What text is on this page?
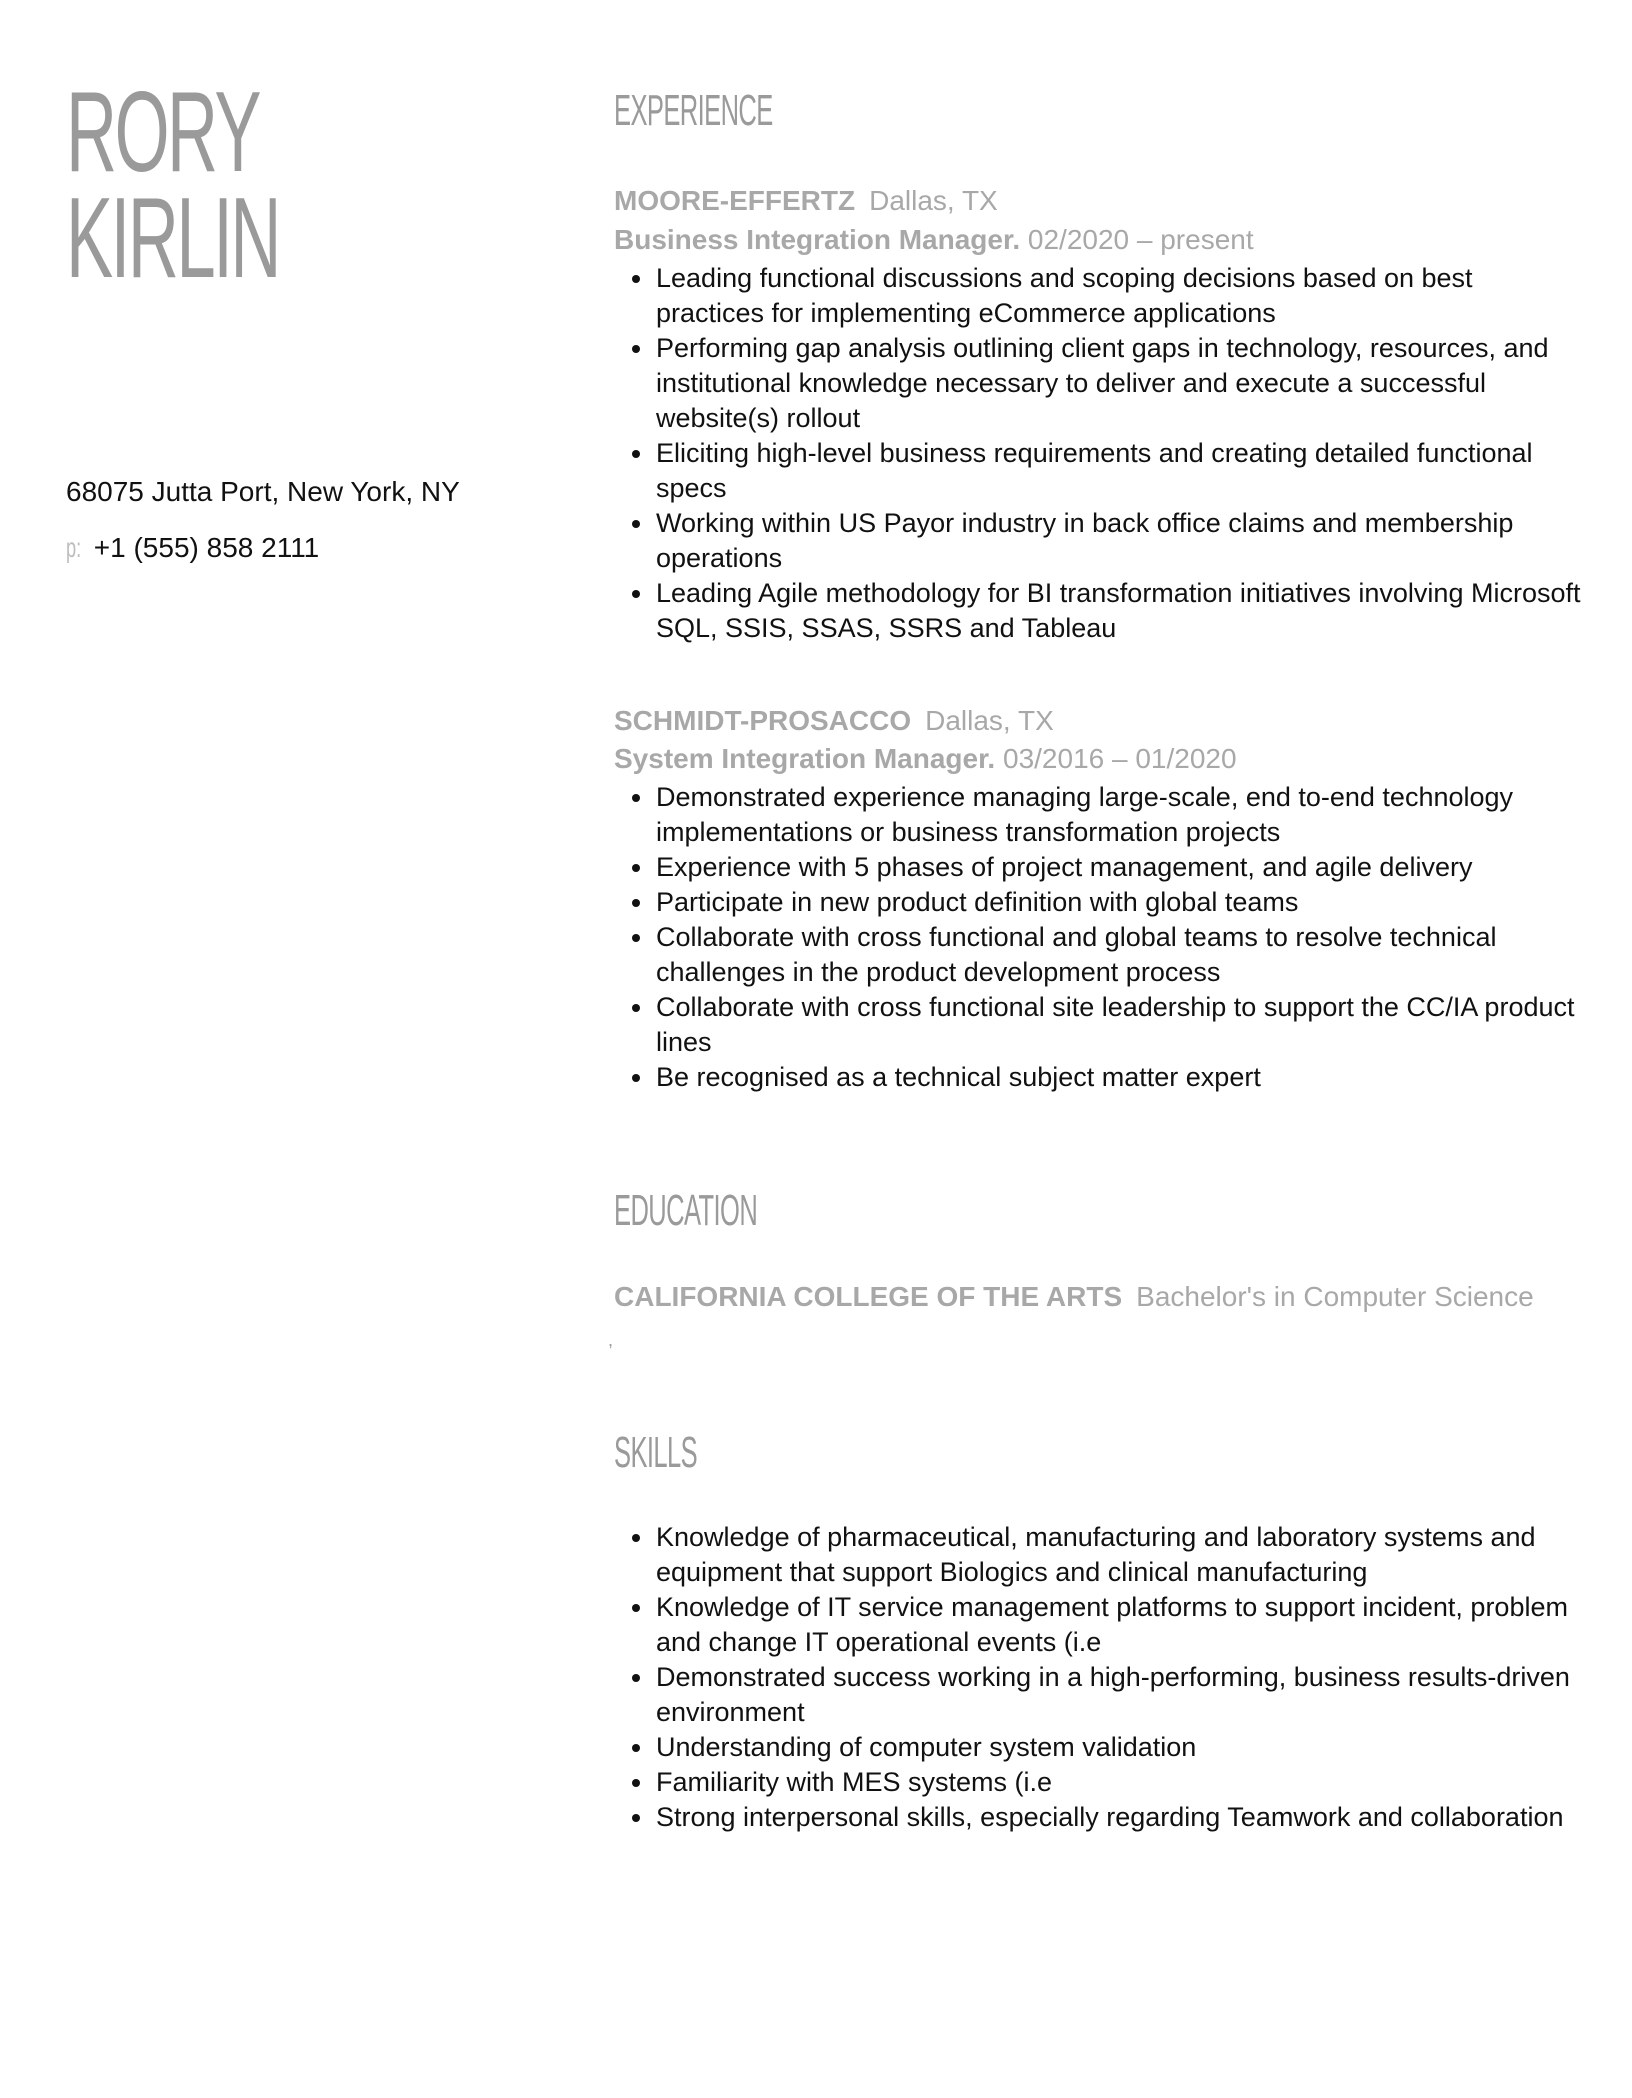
RORY
KIRLIN
68075 Jutta Port, New York, NY
p: +1 (555) 858 2111
EXPERIENCE
MOORE-EFFERTZ Dallas, TX
Business Integration Manager. 02/2020 – present
Leading functional discussions and scoping decisions based on best practices for implementing eCommerce applications
Performing gap analysis outlining client gaps in technology, resources, and institutional knowledge necessary to deliver and execute a successful website(s) rollout
Eliciting high-level business requirements and creating detailed functional specs
Working within US Payor industry in back office claims and membership operations
Leading Agile methodology for BI transformation initiatives involving Microsoft SQL, SSIS, SSAS, SSRS and Tableau
SCHMIDT-PROSACCO Dallas, TX
System Integration Manager. 03/2016 – 01/2020
Demonstrated experience managing large-scale, end to-end technology implementations or business transformation projects
Experience with 5 phases of project management, and agile delivery
Participate in new product definition with global teams
Collaborate with cross functional and global teams to resolve technical challenges in the product development process
Collaborate with cross functional site leadership to support the CC/IA product lines
Be recognised as a technical subject matter expert
EDUCATION
CALIFORNIA COLLEGE OF THE ARTS Bachelor's in Computer Science
,
SKILLS
Knowledge of pharmaceutical, manufacturing and laboratory systems and equipment that support Biologics and clinical manufacturing
Knowledge of IT service management platforms to support incident, problem and change IT operational events (i.e
Demonstrated success working in a high-performing, business results-driven environment
Understanding of computer system validation
Familiarity with MES systems (i.e
Strong interpersonal skills, especially regarding Teamwork and collaboration
